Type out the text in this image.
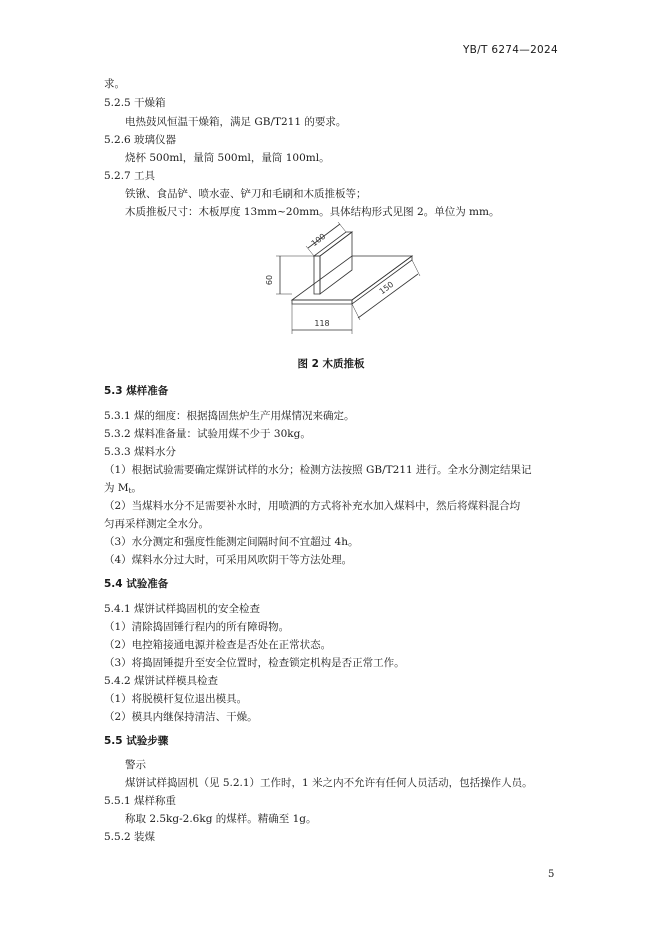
YB/T 6274—2024
求。
5.2.5 干燥箱
电热鼓风恒温干燥箱，满足 GB/T211 的要求。
5.2.6 玻璃仪器
烧杯 500ml，量筒 500ml，量筒 100ml。
5.2.7 工具
铁锹、食品铲、喷水壶、铲刀和毛刷和木质推板等；
木质推板尺寸：木板厚度 13mm~20mm。具体结构形式见图 2。单位为 mm。
60
100
150
118
图 2 木质推板
5.3 煤样准备
5.3.1 煤的细度：根据捣固焦炉生产用煤情况来确定。
5.3.2 煤料准备量：试验用煤不少于 30kg。
5.3.3 煤料水分
（1）根据试验需要确定煤饼试样的水分；检测方法按照 GB/T211 进行。全水分测定结果记
为 $M_t$。
（2）当煤料水分不足需要补水时，用喷洒的方式将补充水加入煤料中，然后将煤料混合均
匀再采样测定全水分。
（3）水分测定和强度性能测定间隔时间不宜超过 4h。
（4）煤料水分过大时，可采用风吹阴干等方法处理。
5.4 试验准备
5.4.1 煤饼试样捣固机的安全检查
（1）清除捣固锤行程内的所有障碍物。
（2）电控箱接通电源并检查是否处在正常状态。
（3）将捣固锤提升至安全位置时，检查锁定机构是否正常工作。
5.4.2 煤饼试样模具检查
（1）将脱模杆复位退出模具。
（2）模具内继保持清洁、干燥。
5.5 试验步骤
警示
煤饼试样捣固机（见 5.2.1）工作时，1 米之内不允许有任何人员活动，包括操作人员。
5.5.1 煤样称重
称取 2.5kg-2.6kg 的煤样。精确至 1g。
5.5.2 装煤
5
